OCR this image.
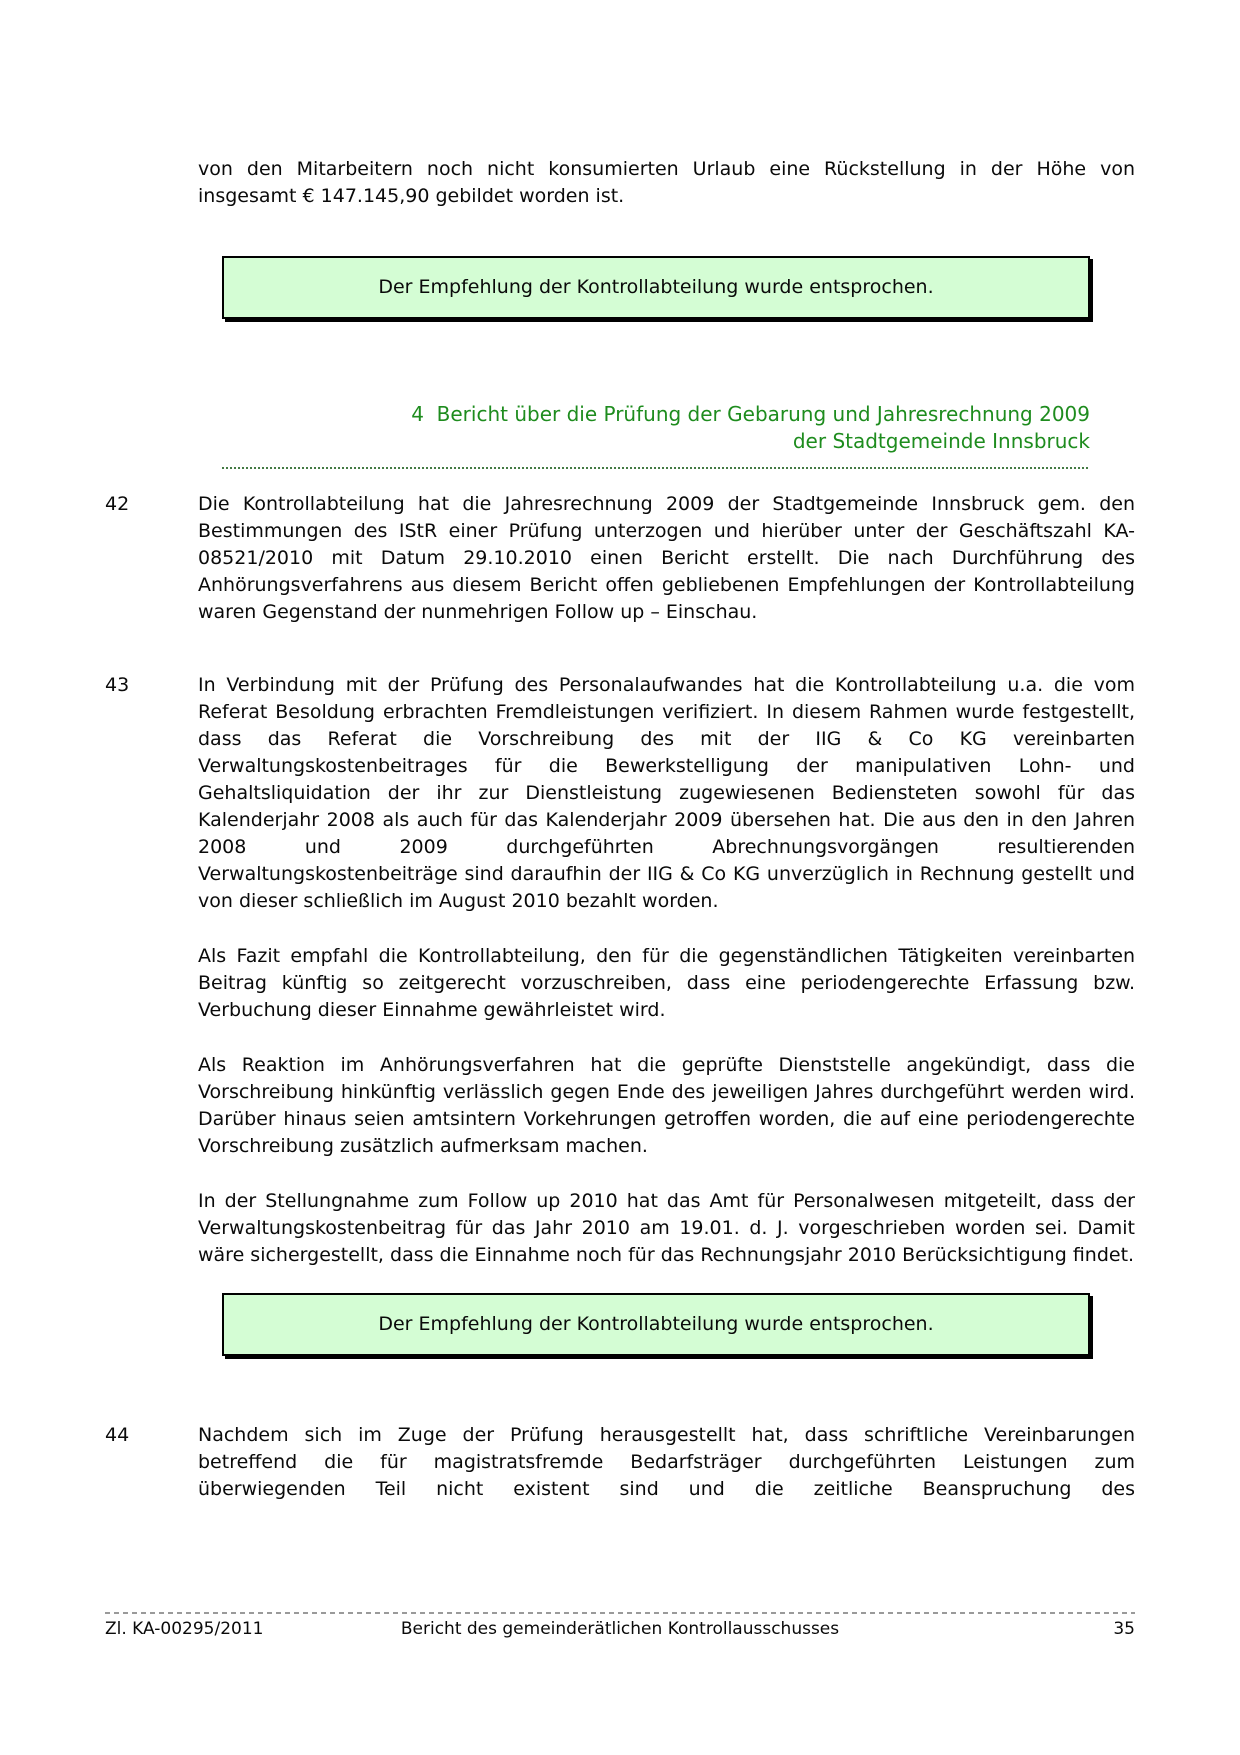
von den Mitarbeitern noch nicht konsumierten Urlaub eine Rückstellung in der Höhe von insgesamt € 147.145,90 gebildet worden ist.

Der Empfehlung der Kontrollabteilung wurde entsprochen.
4  Bericht über die Prüfung der Gebarung und Jahresrechnung 2009
der Stadtgemeinde Innsbruck
42	Die Kontrollabteilung hat die Jahresrechnung 2009 der Stadtgemeinde Innsbruck gem. den Bestimmungen des IStR einer Prüfung unterzogen und hierüber unter der Geschäftszahl KA-08521/2010 mit Datum 29.10.2010 einen Bericht erstellt. Die nach Durchführung des Anhörungsverfahrens aus diesem Bericht offen gebliebenen Empfehlungen der Kontrollabteilung waren Gegenstand der nunmehrigen Follow up – Einschau.

43	In Verbindung mit der Prüfung des Personalaufwandes hat die Kontrollabteilung u.a. die vom Referat Besoldung erbrachten Fremdleistungen verifiziert. In diesem Rahmen wurde festgestellt, dass das Referat die Vorschreibung des mit der IIG & Co KG vereinbarten Verwaltungskostenbeitrages für die Bewerkstelligung der manipulativen Lohn- und Gehaltsliquidation der ihr zur Dienstleistung zugewiesenen Bediensteten sowohl für das Kalenderjahr 2008 als auch für das Kalenderjahr 2009 übersehen hat. Die aus den in den Jahren 2008 und 2009 durchgeführten Abrechnungsvorgängen resultierenden Verwaltungskostenbeiträge sind daraufhin der IIG & Co KG unverzüglich in Rechnung gestellt und von dieser schließlich im August 2010 bezahlt worden.

Als Fazit empfahl die Kontrollabteilung, den für die gegenständlichen Tätigkeiten vereinbarten Beitrag künftig so zeitgerecht vorzuschreiben, dass eine periodengerechte Erfassung bzw. Verbuchung dieser Einnahme gewährleistet wird.

Als Reaktion im Anhörungsverfahren hat die geprüfte Dienststelle angekündigt, dass die Vorschreibung hinkünftig verlässlich gegen Ende des jeweiligen Jahres durchgeführt werden wird. Darüber hinaus seien amtsintern Vorkehrungen getroffen worden, die auf eine periodengerechte Vorschreibung zusätzlich aufmerksam machen.

In der Stellungnahme zum Follow up 2010 hat das Amt für Personalwesen mitgeteilt, dass der Verwaltungskostenbeitrag für das Jahr 2010 am 19.01. d. J. vorgeschrieben worden sei. Damit wäre sichergestellt, dass die Einnahme noch für das Rechnungsjahr 2010 Berücksichtigung findet.

Der Empfehlung der Kontrollabteilung wurde entsprochen.
44	Nachdem sich im Zuge der Prüfung herausgestellt hat, dass schriftliche Vereinbarungen betreffend die für magistratsfremde Bedarfsträger durchgeführten Leistungen zum überwiegenden Teil nicht existent sind und die zeitliche Beanspruchung des

Zl. KA-00295/2011	Bericht des gemeinderätlichen Kontrollausschusses	35
